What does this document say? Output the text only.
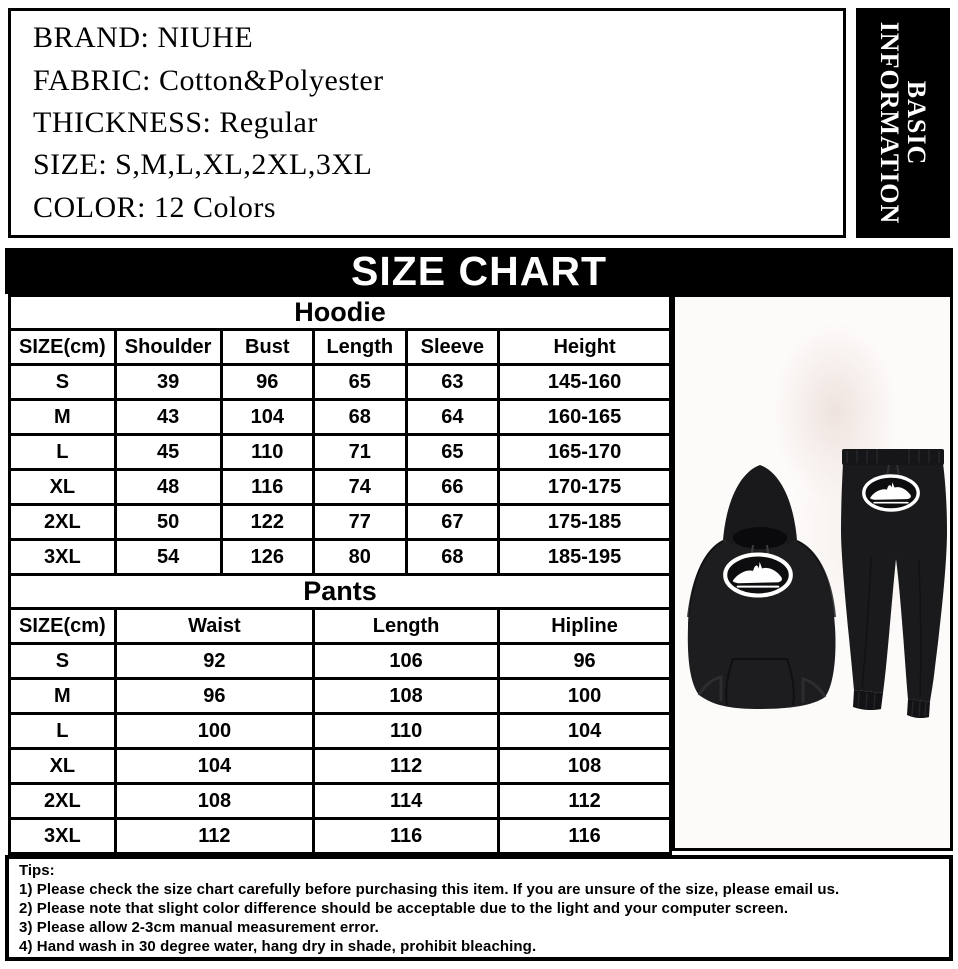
BRAND: NIUHE
FABRIC: Cotton&Polyester
THICKNESS: Regular
SIZE: S,M,L,XL,2XL,3XL
COLOR: 12 Colors
BASIC
INFORMATION
SIZE CHART
Hoodie
SIZE(cm)	Shoulder	Bust	Length	Sleeve	Height
S	39	96	65	63	145-160
M	43	104	68	64	160-165
L	45	110	71	65	165-170
XL	48	116	74	66	170-175
2XL	50	122	77	67	175-185
3XL	54	126	80	68	185-195
Pants
SIZE(cm)	Waist	Length	Hipline
S	92	106	96
M	96	108	100
L	100	110	104
XL	104	112	108
2XL	108	114	112
3XL	112	116	116
Tips:
1) Please check the size chart carefully before purchasing this item. If you are unsure of the size, please email us.
2) Please note that slight color difference should be acceptable due to the light and your computer screen.
3) Please allow 2-3cm manual measurement error.
4) Hand wash in 30 degree water, hang dry in shade, prohibit bleaching.
